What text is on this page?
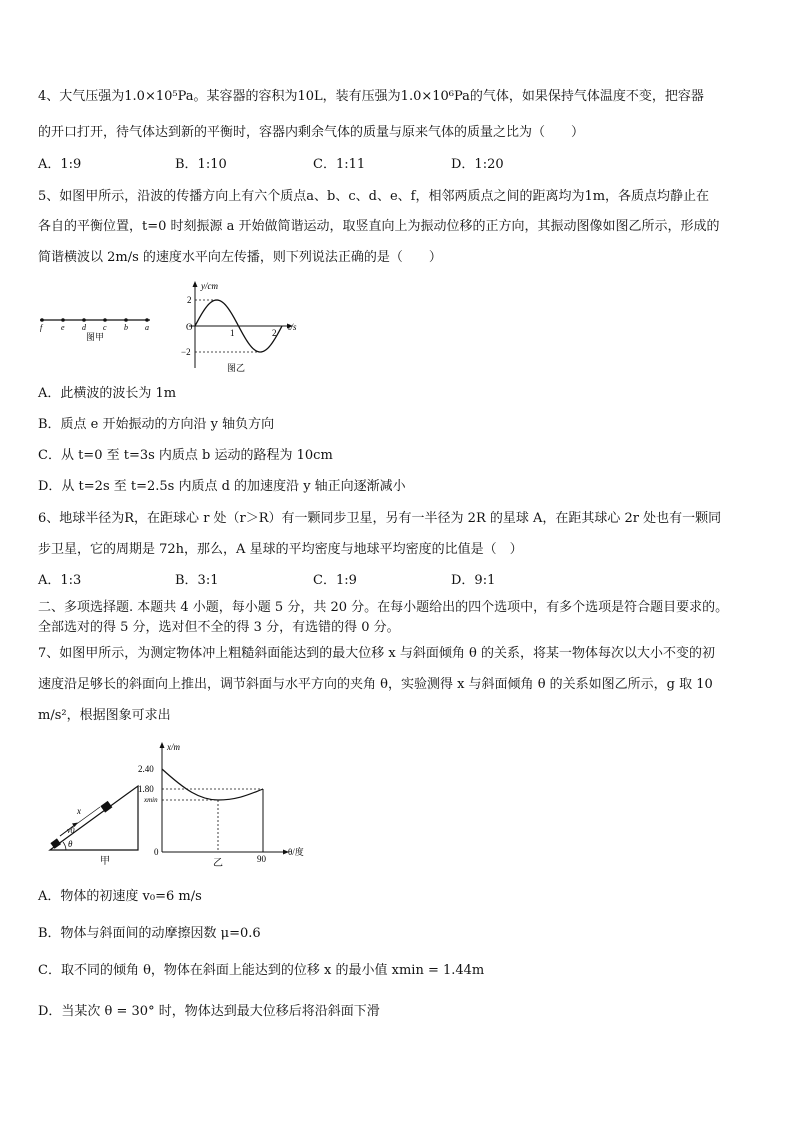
4、大气压强为1.0×10⁵Pa。某容器的容积为10L，装有压强为1.0×10⁶Pa的气体，如果保持气体温度不变，把容器
的开口打开，待气体达到新的平衡时，容器内剩余气体的质量与原来气体的质量之比为（　　）
A．1:9	B．1:10	C．1:11	D．1:20
5、如图甲所示，沿波的传播方向上有六个质点a、b、c、d、e、f，相邻两质点之间的距离均为1m，各质点均静止在
各自的平衡位置，t=0 时刻振源 a 开始做简谐运动，取竖直向上为振动位移的正方向，其振动图像如图乙所示，形成的
简谐横波以 2m/s 的速度水平向左传播，则下列说法正确的是（　　）
f e d c b a
图甲
y/cm
t/s
2
−2
O
1	2
图乙
A．此横波的波长为 1m
B．质点 e 开始振动的方向沿 y 轴负方向
C．从 t=0 至 t=3s 内质点 b 运动的路程为 10cm
D．从 t=2s 至 t=2.5s 内质点 d 的加速度沿 y 轴正向逐渐减小
6、地球半径为R，在距球心 r 处（r＞R）有一颗同步卫星，另有一半径为 2R 的星球 A，在距其球心 2r 处也有一颗同
步卫星，它的周期是 72h，那么，A 星球的平均密度与地球平均密度的比值是（　）
A．1:3	B．3:1	C．1:9	D．9:1
二、多项选择题. 本题共 4 小题，每小题 5 分，共 20 分。在每小题给出的四个选项中，有多个选项是符合题目要求的。
全部选对的得 5 分，选对但不全的得 3 分，有选错的得 0 分。
7、如图甲所示，为测定物体冲上粗糙斜面能达到的最大位移 x 与斜面倾角 θ 的关系，将某一物体每次以大小不变的初
速度沿足够长的斜面向上推出，调节斜面与水平方向的夹角 θ，实验测得 x 与斜面倾角 θ 的关系如图乙所示，g 取 10
m/s²，根据图象可求出
x
v0
θ
甲
x/m
2.40
1.80
xmin
0
90
θ/度
乙
A．物体的初速度 v₀=6 m/s
B．物体与斜面间的动摩擦因数 μ=0.6
C．取不同的倾角 θ，物体在斜面上能达到的位移 x 的最小值 xmin = 1.44m
D．当某次 θ = 30° 时，物体达到最大位移后将沿斜面下滑
